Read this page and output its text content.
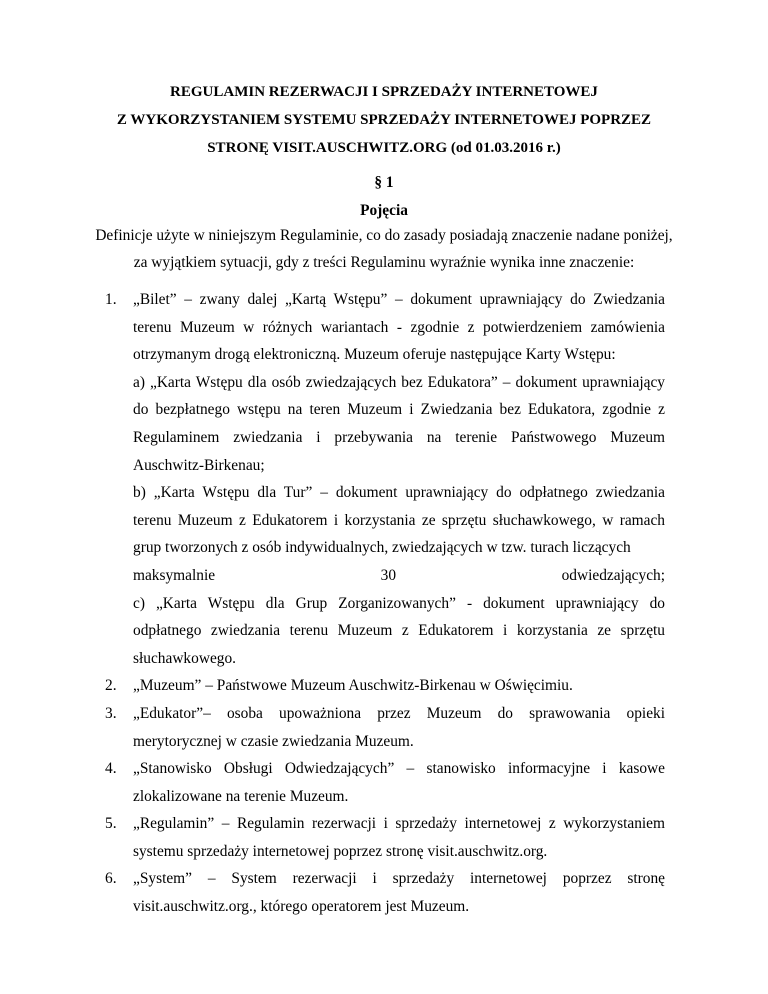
REGULAMIN REZERWACJI I SPRZEDAŻY INTERNETOWEJ
Z WYKORZYSTANIEM SYSTEMU SPRZEDAŻY INTERNETOWEJ POPRZEZ
STRONĘ VISIT.AUSCHWITZ.ORG (od 01.03.2016 r.)
§ 1
Pojęcia
Definicje użyte w niniejszym Regulaminie, co do zasady posiadają znaczenie nadane poniżej,
za wyjątkiem sytuacji, gdy z treści Regulaminu wyraźnie wynika inne znaczenie:
1. „Bilet” – zwany dalej „Kartą Wstępu” – dokument uprawniający do Zwiedzania terenu Muzeum w różnych wariantach - zgodnie z potwierdzeniem zamówienia otrzymanym drogą elektroniczną. Muzeum oferuje następujące Karty Wstępu:
a) „Karta Wstępu dla osób zwiedzających bez Edukatora” – dokument uprawniający do bezpłatnego wstępu na teren Muzeum i Zwiedzania bez Edukatora, zgodnie z Regulaminem zwiedzania i przebywania na terenie Państwowego Muzeum Auschwitz-Birkenau;
b) „Karta Wstępu dla Tur” – dokument uprawniający do odpłatnego zwiedzania terenu Muzeum z Edukatorem i korzystania ze sprzętu słuchawkowego, w ramach grup tworzonych z osób indywidualnych, zwiedzających w tzw. turach liczących
maksymalnie 30 odwiedzających;
c) „Karta Wstępu dla Grup Zorganizowanych” - dokument uprawniający do odpłatnego zwiedzania terenu Muzeum z Edukatorem i korzystania ze sprzętu słuchawkowego.
2. „Muzeum” – Państwowe Muzeum Auschwitz-Birkenau w Oświęcimiu.
3. „Edukator”– osoba upoważniona przez Muzeum do sprawowania opieki merytorycznej w czasie zwiedzania Muzeum.
4. „Stanowisko Obsługi Odwiedzających” – stanowisko informacyjne i kasowe zlokalizowane na terenie Muzeum.
5. „Regulamin” – Regulamin rezerwacji i sprzedaży internetowej z wykorzystaniem systemu sprzedaży internetowej poprzez stronę visit.auschwitz.org.
6. „System” – System rezerwacji i sprzedaży internetowej poprzez stronę visit.auschwitz.org., którego operatorem jest Muzeum.
